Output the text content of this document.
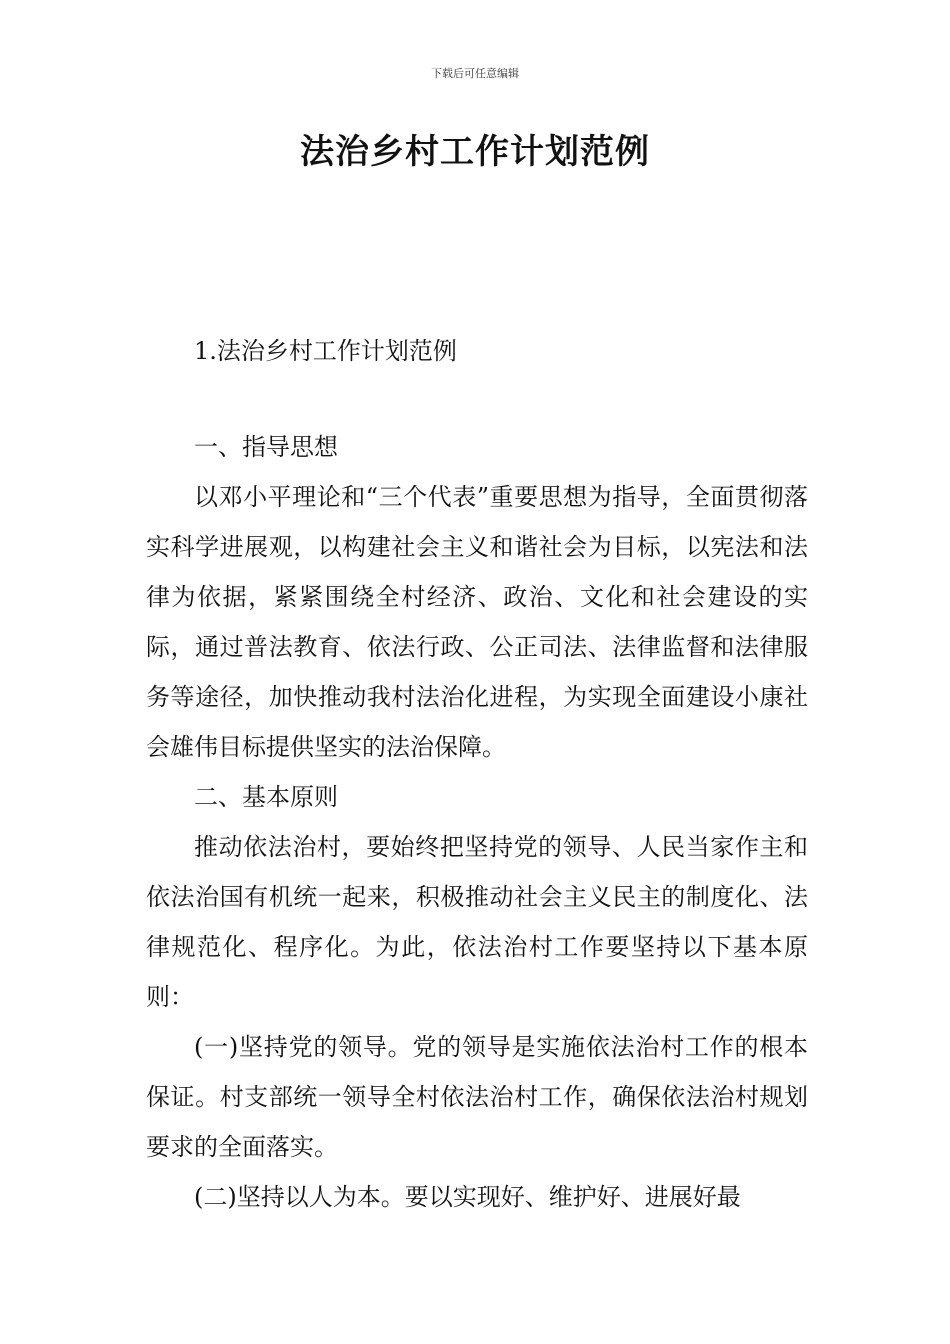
下载后可任意编辑
法治乡村工作计划范例

1.法治乡村工作计划范例

一、指导思想

以邓小平理论和“三个代表”重要思想为指导，全面贯彻落实科学进展观，以构建社会主义和谐社会为目标，以宪法和法律为依据，紧紧围绕全村经济、政治、文化和社会建设的实际，通过普法教育、依法行政、公正司法、法律监督和法律服务等途径，加快推动我村法治化进程，为实现全面建设小康社会雄伟目标提供坚实的法治保障。

二、基本原则

推动依法治村，要始终把坚持党的领导、人民当家作主和依法治国有机统一起来，积极推动社会主义民主的制度化、法律规范化、程序化。为此，依法治村工作要坚持以下基本原则：

(一)坚持党的领导。党的领导是实施依法治村工作的根本保证。村支部统一领导全村依法治村工作，确保依法治村规划要求的全面落实。

(二)坚持以人为本。要以实现好、维护好、进展好最
